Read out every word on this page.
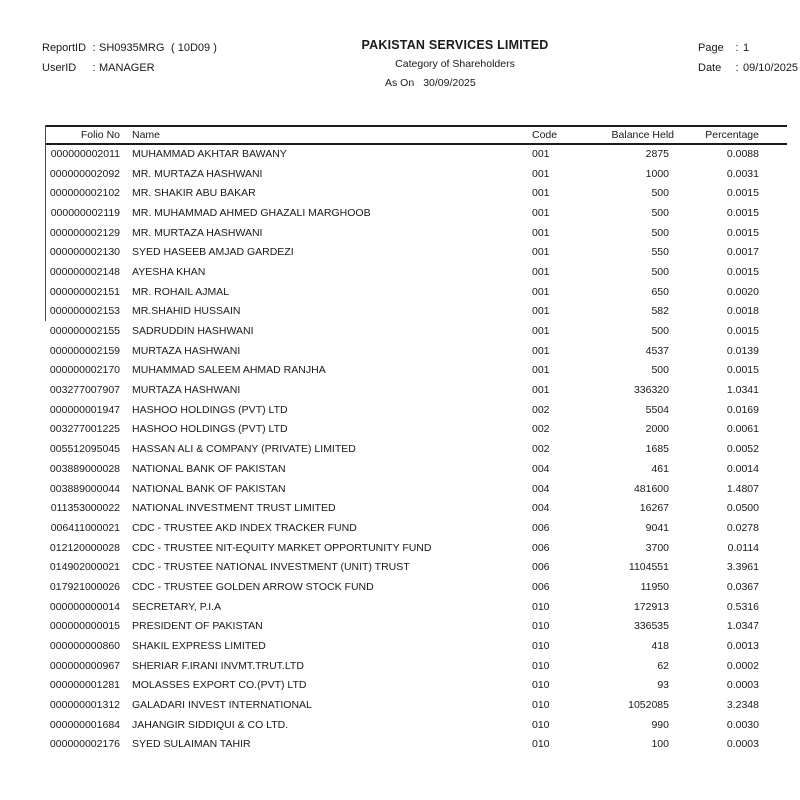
ReportID : SH0935MRG ( 10D09 )
UserID	: MANAGER
PAKISTAN SERVICES LIMITED
Category of Shareholders
As On 30/09/2025
Page	: 1
Date	: 09/10/2025
Folio No	Name	Code	Balance Held	Percentage
000000002011	MUHAMMAD AKHTAR BAWANY	001	2875	0.0088
000000002092	MR. MURTAZA HASHWANI	001	1000	0.0031
000000002102	MR. SHAKIR ABU BAKAR	001	500	0.0015
000000002119	MR. MUHAMMAD AHMED GHAZALI MARGHOOB	001	500	0.0015
000000002129	MR. MURTAZA HASHWANI	001	500	0.0015
000000002130	SYED HASEEB AMJAD GARDEZI	001	550	0.0017
000000002148	AYESHA KHAN	001	500	0.0015
000000002151	MR. ROHAIL AJMAL	001	650	0.0020
000000002153	MR.SHAHID HUSSAIN	001	582	0.0018
000000002155	SADRUDDIN HASHWANI	001	500	0.0015
000000002159	MURTAZA HASHWANI	001	4537	0.0139
000000002170	MUHAMMAD SALEEM AHMAD RANJHA	001	500	0.0015
003277007907	MURTAZA HASHWANI	001	336320	1.0341
000000001947	HASHOO HOLDINGS (PVT) LTD	002	5504	0.0169
003277001225	HASHOO HOLDINGS (PVT) LTD	002	2000	0.0061
005512095045	HASSAN ALI & COMPANY (PRIVATE) LIMITED	002	1685	0.0052
003889000028	NATIONAL BANK OF PAKISTAN	004	461	0.0014
003889000044	NATIONAL BANK OF PAKISTAN	004	481600	1.4807
011353000022	NATIONAL INVESTMENT TRUST LIMITED	004	16267	0.0500
006411000021	CDC - TRUSTEE AKD INDEX TRACKER FUND	006	9041	0.0278
012120000028	CDC - TRUSTEE NIT-EQUITY MARKET OPPORTUNITY FUND	006	3700	0.0114
014902000021	CDC - TRUSTEE NATIONAL INVESTMENT (UNIT) TRUST	006	1104551	3.3961
017921000026	CDC - TRUSTEE GOLDEN ARROW STOCK FUND	006	11950	0.0367
000000000014	SECRETARY, P.I.A	010	172913	0.5316
000000000015	PRESIDENT OF PAKISTAN	010	336535	1.0347
000000000860	SHAKIL EXPRESS LIMITED	010	418	0.0013
000000000967	SHERIAR F.IRANI INVMT.TRUT.LTD	010	62	0.0002
000000001281	MOLASSES EXPORT CO.(PVT) LTD	010	93	0.0003
000000001312	GALADARI INVEST INTERNATIONAL	010	1052085	3.2348
000000001684	JAHANGIR SIDDIQUI & CO LTD.	010	990	0.0030
000000002176	SYED SULAIMAN TAHIR	010	100	0.0003
